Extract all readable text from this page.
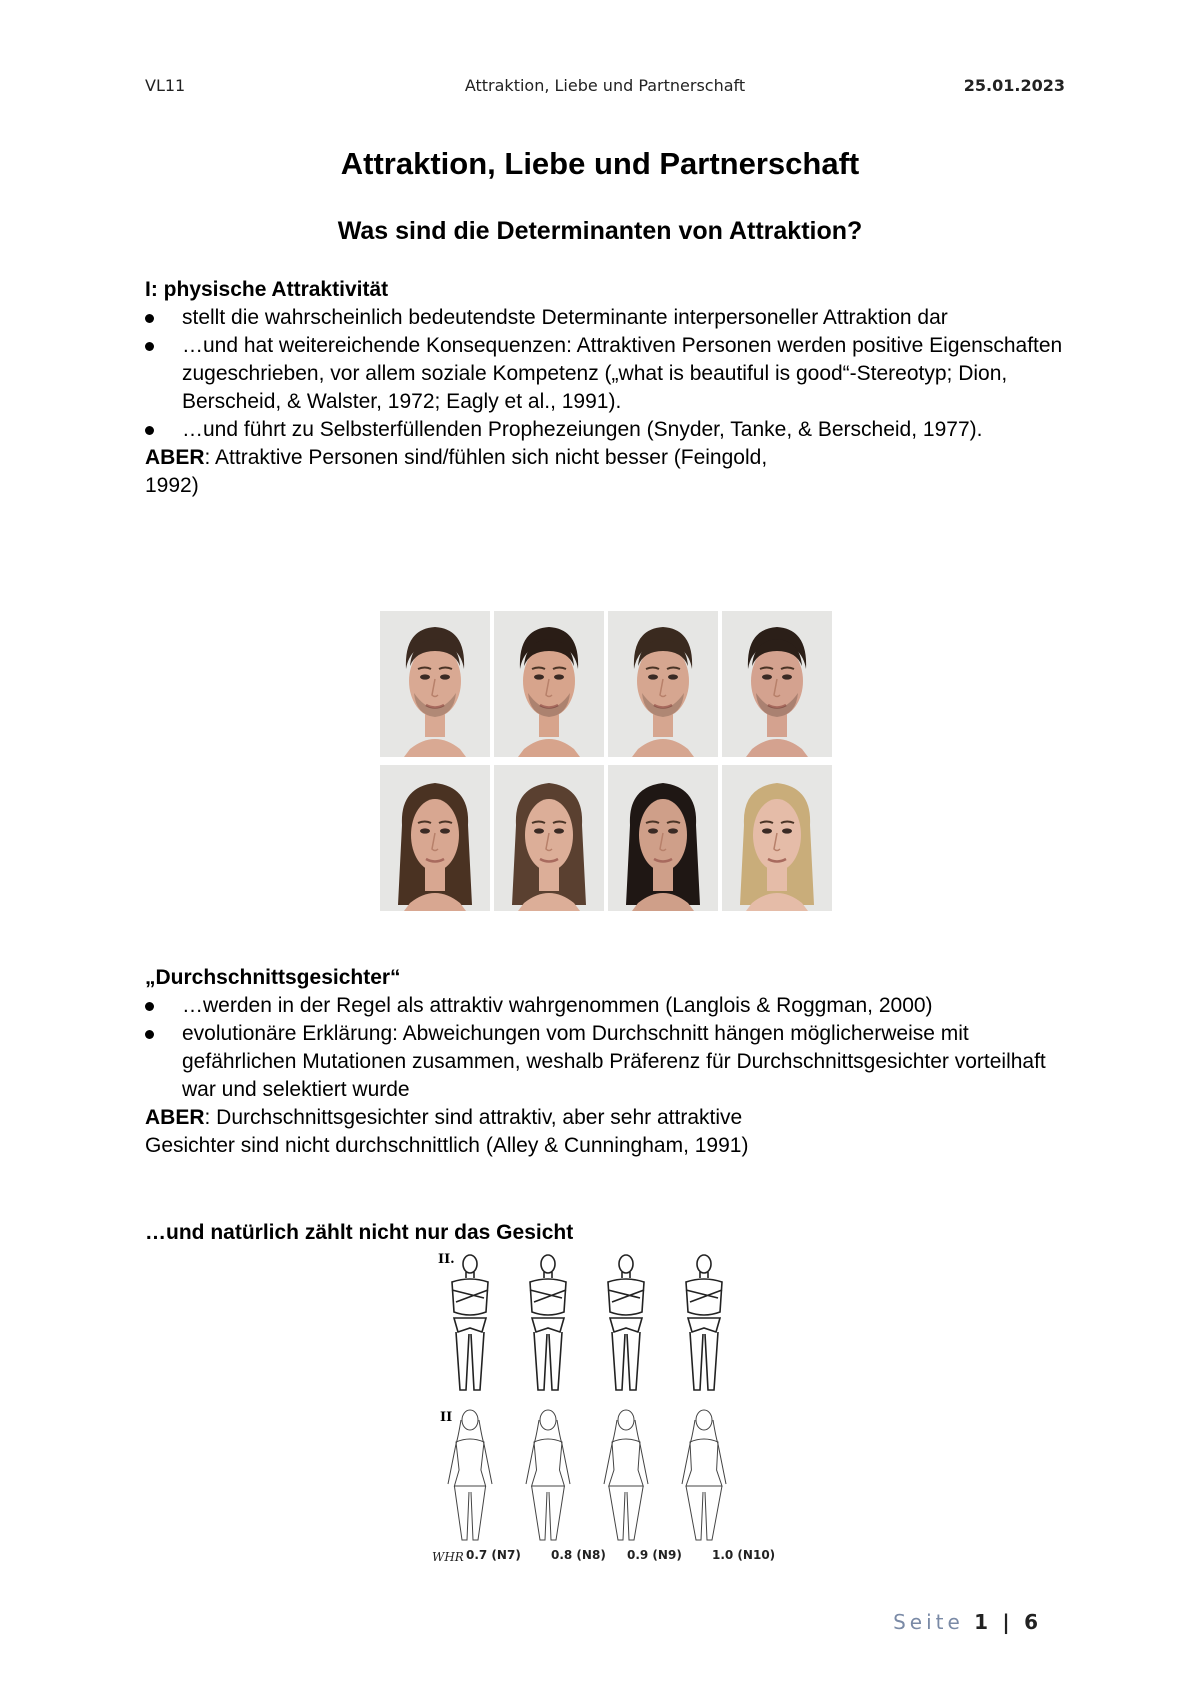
VL11	Attraktion, Liebe und Partnerschaft	25.01.2023
Attraktion, Liebe und Partnerschaft
Was sind die Determinanten von Attraktion?
I: physische Attraktivität
stellt die wahrscheinlich bedeutendste Determinante interpersoneller Attraktion dar
…und hat weitereichende Konsequenzen: Attraktiven Personen werden positive Eigenschaften zugeschrieben, vor allem soziale Kompetenz („what is beautiful is good“-Stereotyp; Dion, Berscheid, & Walster, 1972; Eagly et al., 1991).
…und führt zu Selbsterfüllenden Prophezeiungen (Snyder, Tanke, & Berscheid, 1977).
ABER: Attraktive Personen sind/fühlen sich nicht besser (Feingold,
1992)
„Durchschnittsgesichter“
…werden in der Regel als attraktiv wahrgenommen (Langlois & Roggman, 2000)
evolutionäre Erklärung: Abweichungen vom Durchschnitt hängen möglicherweise mit gefährlichen Mutationen zusammen, weshalb Präferenz für Durchschnittsgesichter vorteilhaft war und selektiert wurde
ABER: Durchschnittsgesichter sind attraktiv, aber sehr attraktive
Gesichter sind nicht durchschnittlich (Alley & Cunningham, 1991)
…und natürlich zählt nicht nur das Gesicht
II.
II
WHR 0.7 (N7)	0.8 (N8) 0.9 (N9)	1.0 (N10)
Seite 1 | 6
